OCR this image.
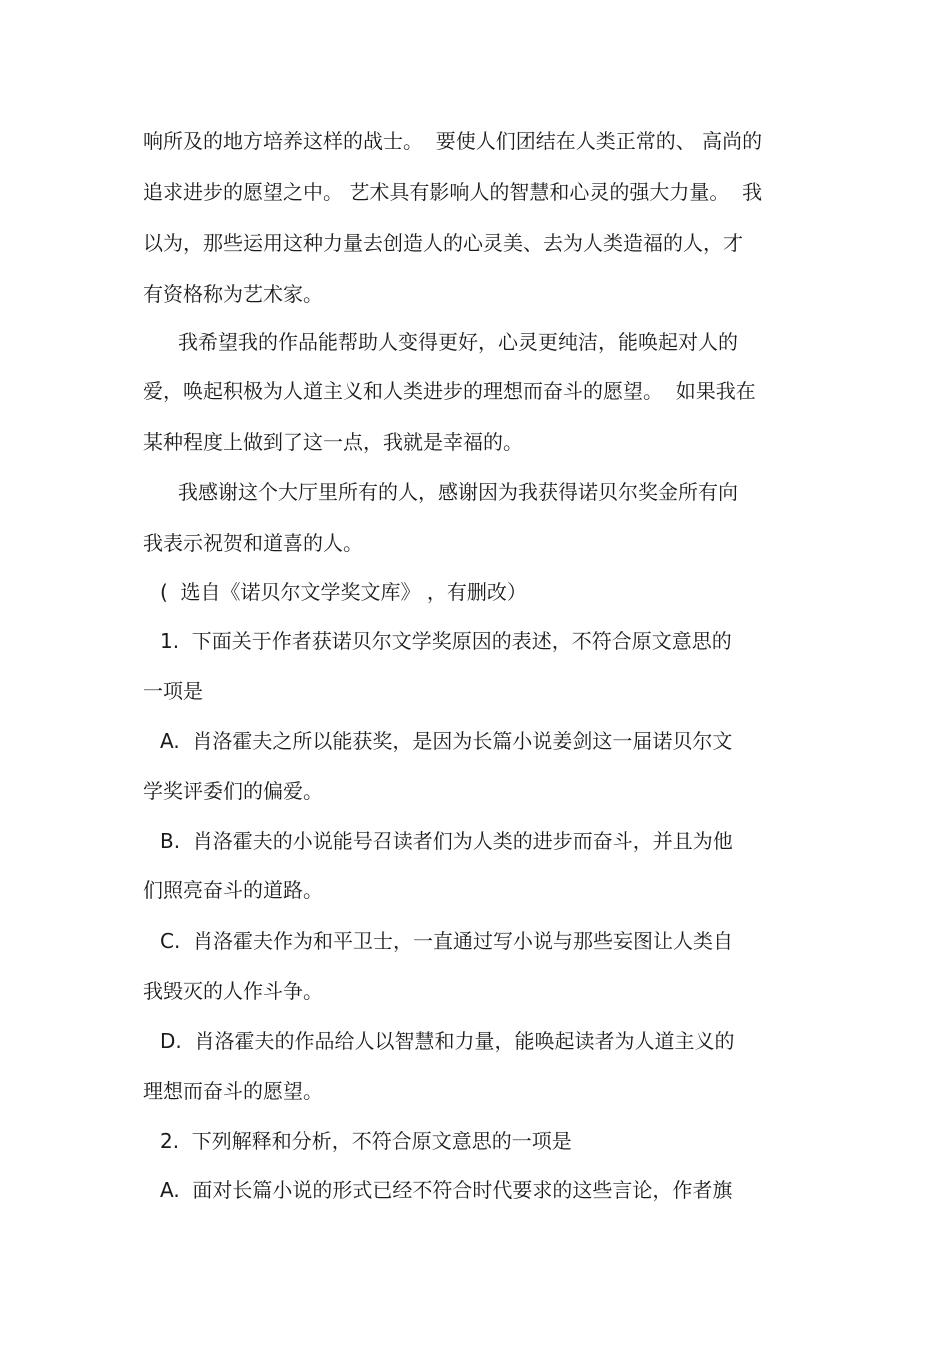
响所及的地方培养这样的战士。  要使人们团结在人类正常的、 高尚的
追求进步的愿望之中。 艺术具有影响人的智慧和心灵的强大力量。  我
以为，那些运用这种力量去创造人的心灵美、去为人类造福的人，才
有资格称为艺术家。
我希望我的作品能帮助人变得更好，心灵更纯洁，能唤起对人的
爱，唤起积极为人道主义和人类进步的理想而奋斗的愿望。  如果我在
某种程度上做到了这一点，我就是幸福的。
我感谢这个大厅里所有的人，感谢因为我获得诺贝尔奖金所有向
我表示祝贺和道喜的人。
(  选自《诺贝尔文学奖文库》 ，有删改）
1.  下面关于作者获诺贝尔文学奖原因的表述，不符合原文意思的
一项是
A.  肖洛霍夫之所以能获奖，是因为长篇小说姜剑这一届诺贝尔文
学奖评委们的偏爱。
B.  肖洛霍夫的小说能号召读者们为人类的进步而奋斗，并且为他
们照亮奋斗的道路。
C.  肖洛霍夫作为和平卫士，一直通过写小说与那些妄图让人类自
我毁灭的人作斗争。
D.  肖洛霍夫的作品给人以智慧和力量，能唤起读者为人道主义的
理想而奋斗的愿望。
2.  下列解释和分析，不符合原文意思的一项是
A.  面对长篇小说的形式已经不符合时代要求的这些言论，作者旗
